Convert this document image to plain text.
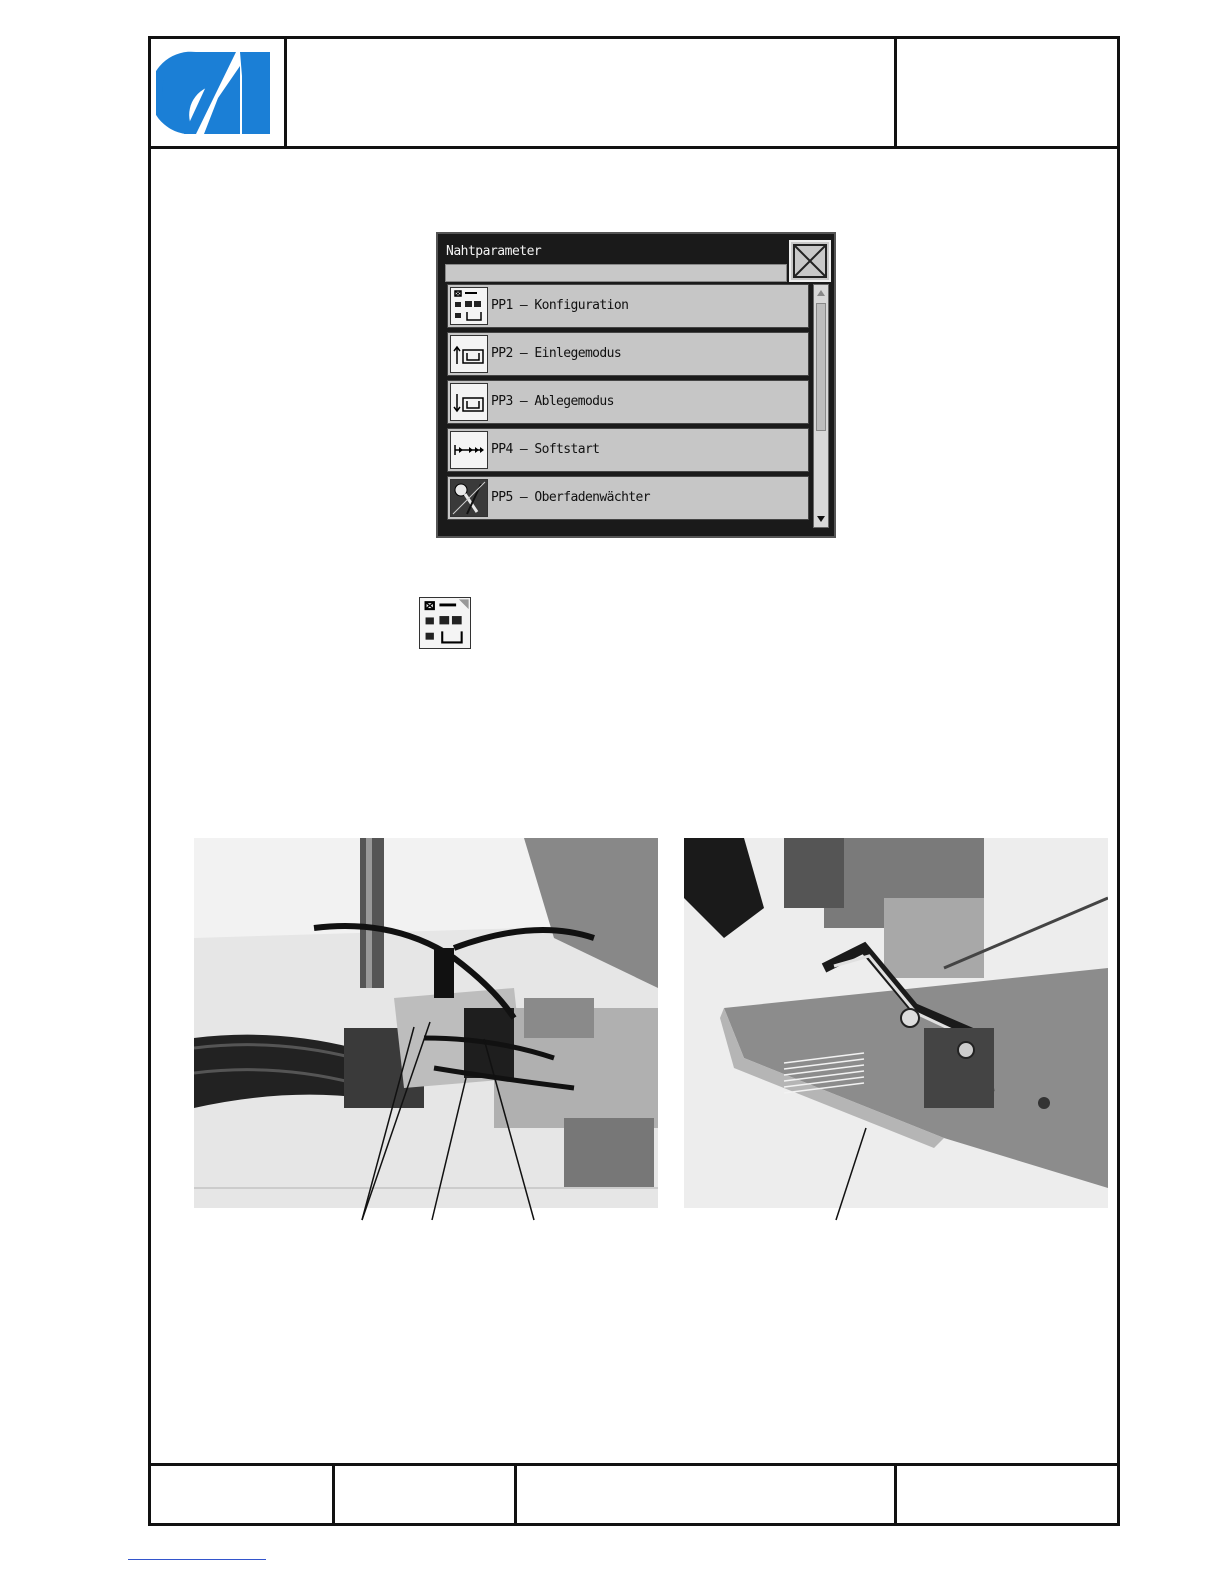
Nahtparameter
PP1 – Konfiguration
PP2 – Einlegemodus
PP3 – Ablegemodus
PP4 – Softstart
PP5 – Oberfadenwächter
